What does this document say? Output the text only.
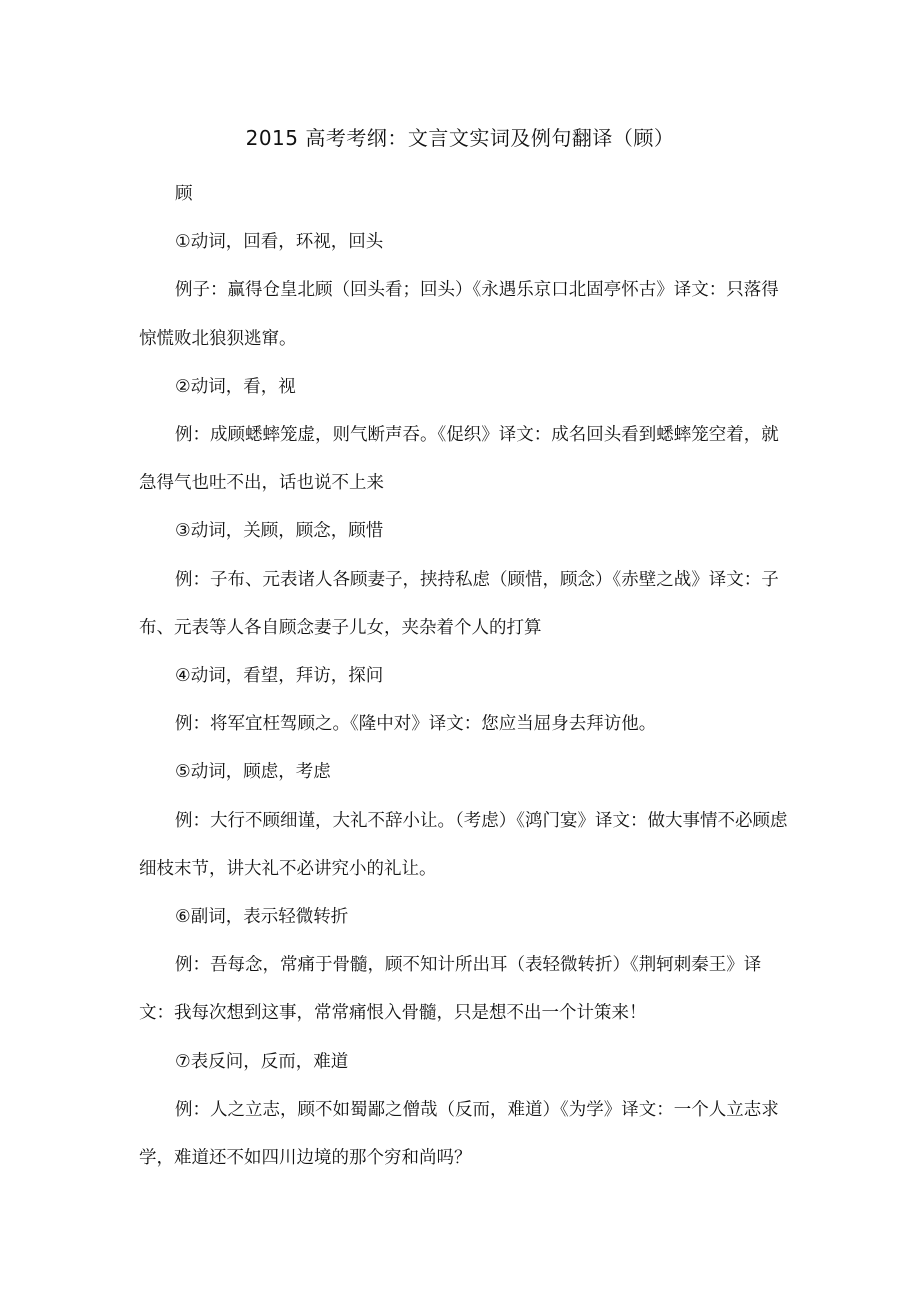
2015 高考考纲：文言文实词及例句翻译（顾）

顾

①动词，回看，环视，回头

例子：赢得仓皇北顾（回头看；回头）《永遇乐京口北固亭怀古》译文：只落得惊慌败北狼狈逃窜。

②动词，看，视

例：成顾蟋蟀笼虚，则气断声吞。《促织》译文：成名回头看到蟋蟀笼空着，就急得气也吐不出，话也说不上来

③动词，关顾，顾念，顾惜

例：子布、元表诸人各顾妻子，挟持私虑（顾惜，顾念）《赤壁之战》译文：子布、元表等人各自顾念妻子儿女，夹杂着个人的打算

④动词，看望，拜访，探问

例：将军宜枉驾顾之。《隆中对》译文：您应当屈身去拜访他。

⑤动词，顾虑，考虑

例：大行不顾细谨，大礼不辞小让。（考虑）《鸿门宴》译文：做大事情不必顾虑细枝末节，讲大礼不必讲究小的礼让。

⑥副词，表示轻微转折

例：吾每念，常痛于骨髓，顾不知计所出耳（表轻微转折）《荆轲刺秦王》译文：我每次想到这事，常常痛恨入骨髓，只是想不出一个计策来！

⑦表反问，反而，难道

例：人之立志，顾不如蜀鄙之僧哉（反而，难道）《为学》译文：一个人立志求学，难道还不如四川边境的那个穷和尚吗？
